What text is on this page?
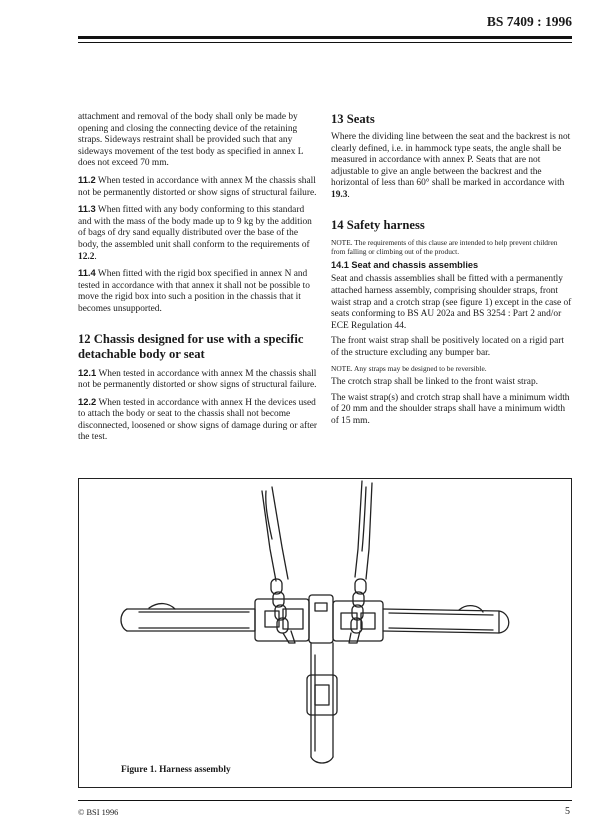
BS 7409 : 1996

attachment and removal of the body shall only be made by opening and closing the connecting device of the retaining straps. Sideways restraint shall be provided such that any sideways movement of the test body as specified in annex L does not exceed 70 mm.

11.2 When tested in accordance with annex M the chassis shall not be permanently distorted or show signs of structural failure.

11.3 When fitted with any body conforming to this standard and with the mass of the body made up to 9 kg by the addition of bags of dry sand equally distributed over the base of the body, the assembled unit shall conform to the requirements of 12.2.

11.4 When fitted with the rigid box specified in annex N and tested in accordance with that annex it shall not be possible to move the rigid box into such a position in the chassis that it becomes unsupported.

12 Chassis designed for use with a specific detachable body or seat

12.1 When tested in accordance with annex M the chassis shall not be permanently distorted or show signs of structural failure.

12.2 When tested in accordance with annex H the devices used to attach the body or seat to the chassis shall not become disconnected, loosened or show signs of damage during or after the test.

13 Seats

Where the dividing line between the seat and the backrest is not clearly defined, i.e. in hammock type seats, the angle shall be measured in accordance with annex P. Seats that are not adjustable to give an angle between the backrest and the horizontal of less than 60° shall be marked in accordance with 19.3.

14 Safety harness

NOTE. The requirements of this clause are intended to help prevent children from falling or climbing out of the product.

14.1 Seat and chassis assemblies

Seat and chassis assemblies shall be fitted with a permanently attached harness assembly, comprising shoulder straps, front waist strap and a crotch strap (see figure 1) except in the case of seats conforming to BS AU 202a and BS 3254 : Part 2 and/or ECE Regulation 44.

The front waist strap shall be positively located on a rigid part of the structure excluding any bumper bar.

NOTE. Any straps may be designed to be reversible.

The crotch strap shall be linked to the front waist strap.

The waist strap(s) and crotch strap shall have a minimum width of 20 mm and the shoulder straps shall have a minimum width of 15 mm.

Figure 1. Harness assembly
© BSI 1996	5
